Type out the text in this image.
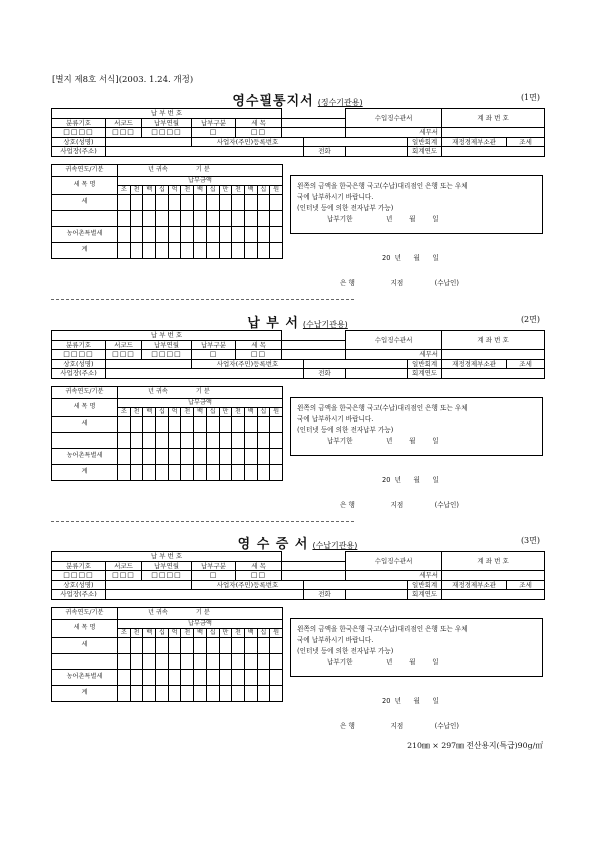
[별지 제8호 서식](2003. 1.24. 개정)
영수필통지서 (징수기관용)
(1면)
납 부 번 호							수입징수관서		계 좌 번 호	
분류기호	서코드	납부연월	납부구분	세 목						
□□□□	□□□	□□□□	□	□□			세무서			
상호(성명)			사업자(주민)등록번호					일반회계	재정경제부소관	조세
사업장(주소)						전화		회계연도		
귀속연도/기분	년 귀속 기 분												
세 목 명	납부금액												
	조	천	백	십	억	천	백	십	만	천	백	십	원
세													

농어촌특별세													
계													
납 부 서 (수납기관용)
(2면)
납 부 번 호							수입징수관서		계 좌 번 호	
분류기호	서코드	납부연월	납부구분	세 목						
□□□□	□□□	□□□□	□	□□			세무서			
상호(성명)			사업자(주민)등록번호					일반회계	재정경제부소관	조세
사업장(주소)						전화		회계연도		
귀속연도/기분	년 귀속 기 분												
세 목 명	납부금액												
	조	천	백	십	억	천	백	십	만	천	백	십	원
세													

농어촌특별세													
계													
영 수 증 서 (수납기관용)
(3면)
납 부 번 호							수입징수관서		계 좌 번 호	
분류기호	서코드	납부연월	납부구분	세 목						
□□□□	□□□	□□□□	□	□□			세무서			
상호(성명)			사업자(주민)등록번호					일반회계	재정경제부소관	조세
사업장(주소)						전화		회계연도		
귀속연도/기분	년 귀속 기 분												
세 목 명	납부금액												
	조	천	백	십	억	천	백	십	만	천	백	십	원
세													

농어촌특별세													
계													
210㎜ × 297㎜ 전산용지(특급)90g/㎡
왼쪽의 금액을 한국은행 국고(수납)대리점인 은행 또는 우체
국에 납부하시기 바랍니다.
(인터넷 등에 의한 전자납부 가능)
납부기한                년        월        일
20  년      월      일
은 행                 지점               (수납인)
왼쪽의 금액을 한국은행 국고(수납)대리점인 은행 또는 우체
국에 납부하시기 바랍니다.
(인터넷 등에 의한 전자납부 가능)
납부기한                년        월        일
20  년      월      일
은 행                 지점               (수납인)
왼쪽의 금액을 한국은행 국고(수납)대리점인 은행 또는 우체
국에 납부하시기 바랍니다.
(인터넷 등에 의한 전자납부 가능)
납부기한                년        월        일
20  년      월      일
은 행                 지점               (수납인)
